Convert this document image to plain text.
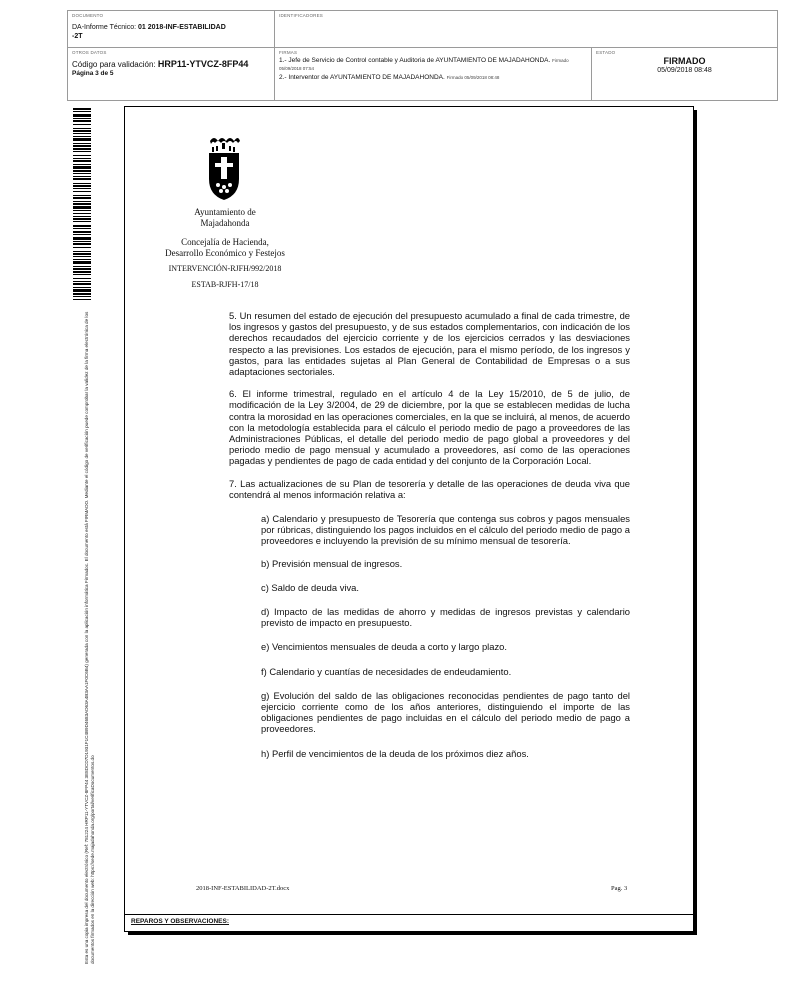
DOCUMENTO
DA-Informe Técnico: 01 2018-INF-ESTABILIDAD
-2T
IDENTIFICADORES
OTROS DATOS
Código para validación: HRP11-YTVCZ-8FP44
Página 3 de 5
FIRMAS
1.- Jefe de Servicio de Control contable y Auditoria de AYUNTAMIENTO DE MAJADAHONDA. Firmado 05/09/2018 07:54
2.- Interventor de AYUNTAMIENTO DE MAJADAHONDA. Firmado 05/09/2018 08:48
ESTADO
FIRMADO
05/09/2018 08:48
Esta es una copia impresa del documento electrónico (Ref: 781224 HRP11-YTVCZ-8FP44 3E8DCD7D1931F1C4B9D4683AD63A4B3AA1F0C6B4) generada con la aplicación informática Firmadoc. El documento está FIRMADO. Mediante el código de verificación puede comprobar la validez de la firma electrónica de los documentos firmados en la dirección web: https://sede.majadahonda.org/portal/verificaDocumentos.do	REPAROS Y OBSERVACIONES:
Ayuntamiento de
Majadahonda
Concejalía de Hacienda,
Desarrollo Económico y Festejos
INTERVENCIÓN-RJFH/992/2018
ESTAB-RJFH-17/18

5. Un resumen del estado de ejecución del presupuesto acumulado a final de cada trimestre, de los ingresos y gastos del presupuesto, y de sus estados complementarios, con indicación de los derechos recaudados del ejercicio corriente y de los ejercicios cerrados y las desviaciones respecto a las previsiones. Los estados de ejecución, para el mismo período, de los ingresos y gastos, para las entidades sujetas al Plan General de Contabilidad de Empresas o a sus adaptaciones sectoriales.

6. El informe trimestral, regulado en el artículo 4 de la Ley 15/2010, de 5 de julio, de modificación de la Ley 3/2004, de 29 de diciembre, por la que se establecen medidas de lucha contra la morosidad en las operaciones comerciales, en la que se incluirá, al menos, de acuerdo con la metodología establecida para el cálculo el periodo medio de pago a proveedores de las Administraciones Públicas, el detalle del periodo medio de pago global a proveedores y del periodo medio de pago mensual y acumulado a proveedores, así como de las operaciones pagadas y pendientes de pago de cada entidad y del conjunto de la Corporación Local.

7. Las actualizaciones de su Plan de tesorería y detalle de las operaciones de deuda viva que contendrá al menos información relativa a:

a) Calendario y presupuesto de Tesorería que contenga sus cobros y pagos mensuales por rúbricas, distinguiendo los pagos incluidos en el cálculo del periodo medio de pago a proveedores e incluyendo la previsión de su mínimo mensual de tesorería.

b) Previsión mensual de ingresos.

c) Saldo de deuda viva.

d) Impacto de las medidas de ahorro y medidas de ingresos previstas y calendario previsto de impacto en presupuesto.

e) Vencimientos mensuales de deuda a corto y largo plazo.

f) Calendario y cuantías de necesidades de endeudamiento.

g) Evolución del saldo de las obligaciones reconocidas pendientes de pago tanto del ejercicio corriente como de los años anteriores, distinguiendo el importe de las obligaciones pendientes de pago incluidas en el cálculo del periodo medio de pago a proveedores.

h) Perfil de vencimientos de la deuda de los próximos diez años.

2018-INF-ESTABILIDAD-2T.docx	Pag. 3
